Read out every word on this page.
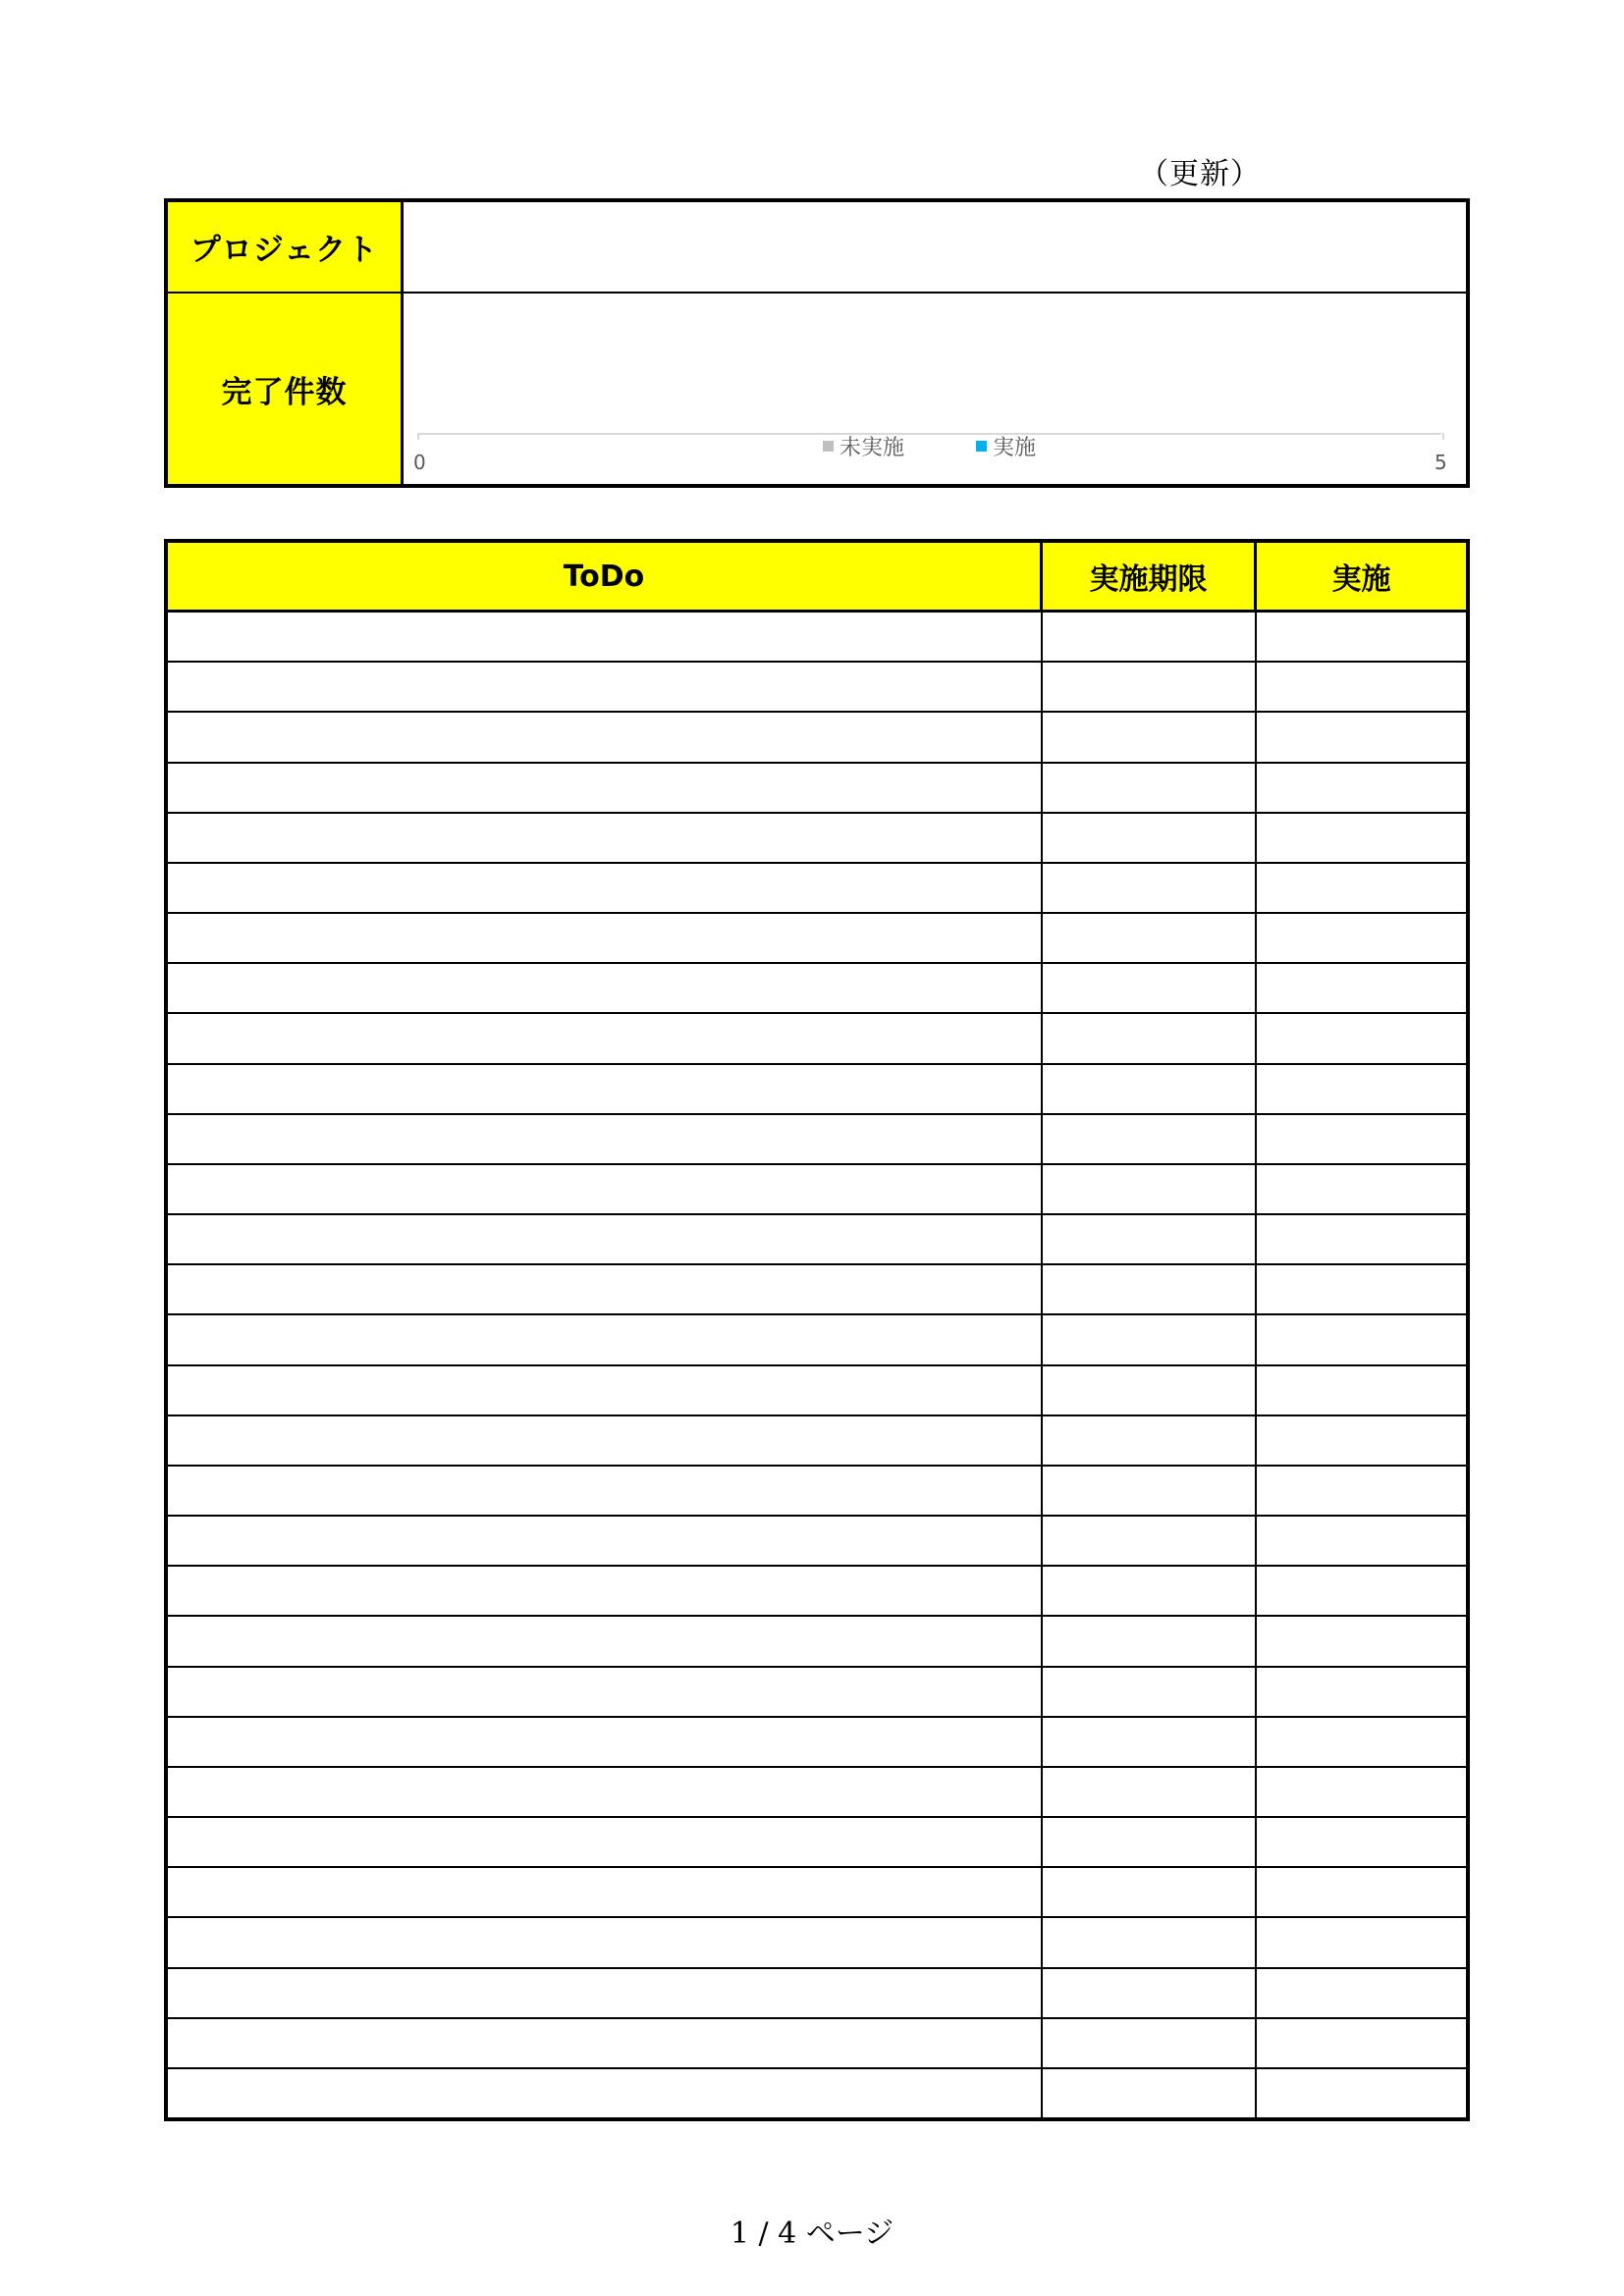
（更新）
プロジェクト
完了件数
0	5
未実施	実施
ToDo	実施期限	実施
1 / 4 ページ
